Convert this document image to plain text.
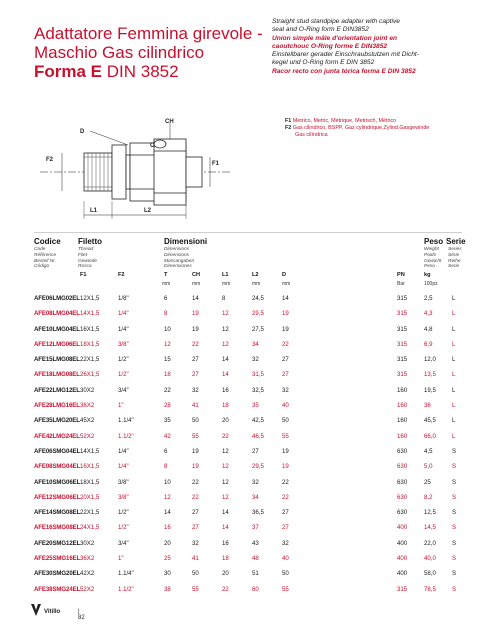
Adattatore Femmina girevole -
Maschio Gas cilindrico
Forma E DIN 3852
Straight stud standpipe adapter with captive
seal and O-Ring form E DIN3852
Union simple mâle d'orientation joint en
caoutchouc O-Ring forme E DIN3852
Einstellbarer gerader Einschraubstutzen mit Dicht-
kegel und O-Ring form E DIN 3852
Racor recto con junta tórica forma E DIN 3852
F1 Metrico, Metric, Métrique, Metrisch, Métrico
F2 Gas cilindrico, BSPP, Gaz cylindrique,Zylind.Gasgewinde
Gas cilíndrica
CH
D
O
F1
F2
L1	L2
Codice
Code
Référence
Bestell Nr.
Código
Filetto
Thread
Filet
Gewinde
Rosca
Dimensioni
Dimensions
Dimensions
Massangaben
Dimensiones
Peso
Weight
Poids
Gewicht
Peso
Serie
Series
Série
Reihe
Serie
F1	F2	T	CH	L1	L2	D	PN	kg
mm	mm	mm	mm	mm	Bar	100pz
AFE06LMG02EL 12X1,5	1/8"	6	14	8	24,5	14	315	2,5	L
AFE08LMG04EL 14X1,5	1/4"	8	19	12	29,5	19	315	4,3	L
AFE10LMG04EL 16X1,5	1/4"	10	19	12	27,5	19	315	4,8	L
AFE12LMG06EL 18X1,5	3/8"	12	22	12	34	22	315	6,9	L
AFE15LMG08EL 22X1,5	1/2"	15	27	14	32	27	315	12,0	L
AFE18LMG08EL 26X1,5	1/2"	18	27	14	31,5	27	315	13,5	L
AFE22LMG12EL 30X2	3/4"	22	32	16	32,5	32	160	19,5	L
AFE28LMG16EL 36X2	1"	28	41	18	35	40	160	36	L
AFE35LMG20EL 45X2	1.1/4"	35	50	20	42,5	50	160	45,5	L
AFE42LMG24EL 52X2	1.1/2"	42	55	22	46,5	55	160	66,0	L
AFE06SMG04EL 14X1,5	1/4"	6	19	12	27	19	630	4,5	S
AFE08SMG04EL 16X1,5	1/4"	8	19	12	29,5	19	630	5,0	S
AFE10SMG06EL 18X1,5	3/8"	10	22	12	32	22	630	25	S
AFE12SMG06EL 20X1,5	3/8"	12	22	12	34	22	630	8,2	S
AFE14SMG08EL 22X1,5	1/2"	14	27	14	36,5	27	630	12,5	S
AFE16SMG08EL 24X1,5	1/2"	16	27	14	37	27	400	14,5	S
AFE20SMG12EL 30X2	3/4"	20	32	16	43	32	400	22,0	S
AFE25SMG16EL 36X2	1"	25	41	18	48	40	400	40,0	S
AFE30SMG20EL 42X2	1.1/4"	30	50	20	51	50	400	58,0	S
AFE38SMG24EL 52X2	1.1/2"	38	55	22	60	55	315	78,5	S
Vitillo	| 82
